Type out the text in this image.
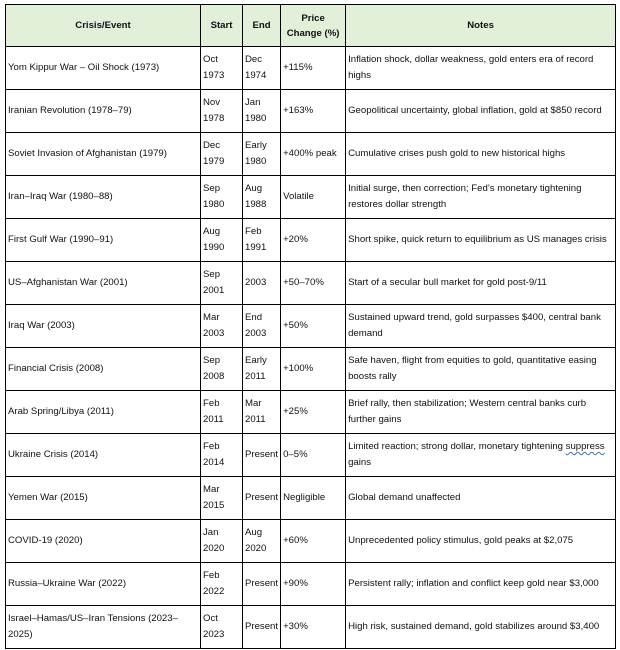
Crisis/Event	Start	End	Price Change (%)	Notes
Yom Kippur War – Oil Shock (1973)	Oct 1973	Dec 1974	+115%	Inflation shock, dollar weakness, gold enters era of record highs
Iranian Revolution (1978–79)	Nov 1978	Jan 1980	+163%	Geopolitical uncertainty, global inflation, gold at $850 record
Soviet Invasion of Afghanistan (1979)	Dec 1979	Early 1980	+400% peak	Cumulative crises push gold to new historical highs
Iran–Iraq War (1980–88)	Sep 1980	Aug 1988	Volatile	Initial surge, then correction; Fed’s monetary tightening restores dollar strength
First Gulf War (1990–91)	Aug 1990	Feb 1991	+20%	Short spike, quick return to equilibrium as US manages crisis
US–Afghanistan War (2001)	Sep 2001	2003	+50–70%	Start of a secular bull market for gold post-9/11
Iraq War (2003)	Mar 2003	End 2003	+50%	Sustained upward trend, gold surpasses $400, central bank demand
Financial Crisis (2008)	Sep 2008	Early 2011	+100%	Safe haven, flight from equities to gold, quantitative easing boosts rally
Arab Spring/Libya (2011)	Feb 2011	Mar 2011	+25%	Brief rally, then stabilization; Western central banks curb further gains
Ukraine Crisis (2014)	Feb 2014	Present	0–5%	Limited reaction; strong dollar, monetary tightening suppress gains
Yemen War (2015)	Mar 2015	Present	Negligible	Global demand unaffected
COVID-19 (2020)	Jan 2020	Aug 2020	+60%	Unprecedented policy stimulus, gold peaks at $2,075
Russia–Ukraine War (2022)	Feb 2022	Present	+90%	Persistent rally; inflation and conflict keep gold near $3,000
Israel–Hamas/US–Iran Tensions (2023–2025)	Oct 2023	Present	+30%	High risk, sustained demand, gold stabilizes around $3,400
